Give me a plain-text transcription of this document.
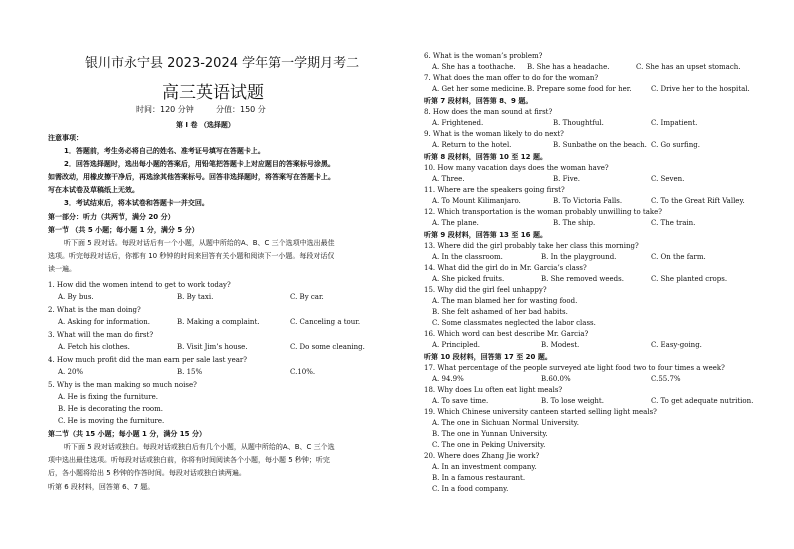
银川市永宁县 2023-2024 学年第一学期月考二
高三英语试题
时间：120 分钟	分值：150 分
第 I 卷 （选择题）
注意事项：
1．答题前，考生务必将自己的姓名、准考证号填写在答题卡上。
2．回答选择题时，选出每小题的答案后，用铅笔把答题卡上对应题目的答案标号涂黑。
如需改动，用橡皮擦干净后，再选涂其他答案标号。回答非选择题时，将答案写在答题卡上。
写在本试卷及草稿纸上无效。
3．考试结束后，将本试卷和答题卡一并交回。
第一部分：听力（共两节，满分 20 分）
第一节 （共 5 小题；每小题 1 分，满分 5 分）
听下面 5 段对话。每段对话后有一个小题，从题中所给的A、B、C 三个选项中选出最佳
选项。听完每段对话后，你都有 10 秒钟的时间来回答有关小题和阅读下一小题。每段对话仅
读一遍。
1. How did the women intend to get to work today?
A. By bus.	B. By taxi.	C. By car.
2. What is the man doing?
A. Asking for information.	B. Making a complaint.	C. Canceling a tour.
3. What will the man do first?
A. Fetch his clothes.	B. Visit Jim’s house.	C. Do some cleaning.
4. How much profit did the man earn per sale last year?
A. 20%	B. 15%	C.10%.
5. Why is the man making so much noise?
A. He is fixing the furniture.
B. He is decorating the room.
C. He is moving the furniture.
第二节（共 15 小题；每小题 1 分，满分 15 分）
听下面 5 段对话或独白。每段对话或独白后有几个小题，从题中所给的A、B、C 三个选
项中选出最佳选项。听每段对话或独白前，你将有时间阅读各个小题，每小题 5 秒钟；听完
后，各小题将给出 5 秒钟的作答时间。每段对话或独白读两遍。
听第 6 段材料，回答第 6、7 题。
6. What is the woman’s problem?
A. She has a toothache. B. She has a headache.	C. She has an upset stomach.
7. What does the man offer to do for the woman?
A. Get her some medicine. B. Prepare some food for her.	C. Drive her to the hospital.
听第 7 段材料，回答第 8、9 题。
8. How does the man sound at first?
A. Frightened.	B. Thoughtful.	C. Impatient.
9. What is the woman likely to do next?
A. Return to the hotel.	B. Sunbathe on the beach. C. Go surfing.
听第 8 段材料，回答第 10 至 12 题。
10. How many vacation days does the woman have?
A. Three.	B. Five.	C. Seven.
11. Where are the speakers going first?
A. To Mount Kilimanjaro.	B. To Victoria Falls.	C. To the Great Rift Valley.
12. Which transportation is the woman probably unwilling to take?
A. The plane.	B. The ship.	C. The train.
听第 9 段材料，回答第 13 至 16 题。
13. Where did the girl probably take her class this morning?
A. In the classroom.	B. In the playground.	C. On the farm.
14. What did the girl do in Mr. Garcia’s class?
A. She picked fruits.	B. She removed weeds.	C. She planted crops.
15. Why did the girl feel unhappy?
A. The man blamed her for wasting food.
B. She felt ashamed of her bad habits.
C. Some classmates neglected the labor class.
16. Which word can best describe Mr. Garcia?
A. Principled.	B. Modest.	C. Easy-going.
听第 10 段材料，回答第 17 至 20 题。
17. What percentage of the people surveyed ate light food two to four times a week?
A. 94.9%	B.60.0%	C.55.7%
18. Why does Lu often eat light meals?
A. To save time.	B. To lose weight.	C. To get adequate nutrition.
19. Which Chinese university canteen started selling light meals?
A. The one in Sichuan Normal University.
B. The one in Yunnan University.
C. The one in Peking University.
20. Where does Zhang Jie work?
A. In an investment company.
B. In a famous restaurant.
C. In a food company.
